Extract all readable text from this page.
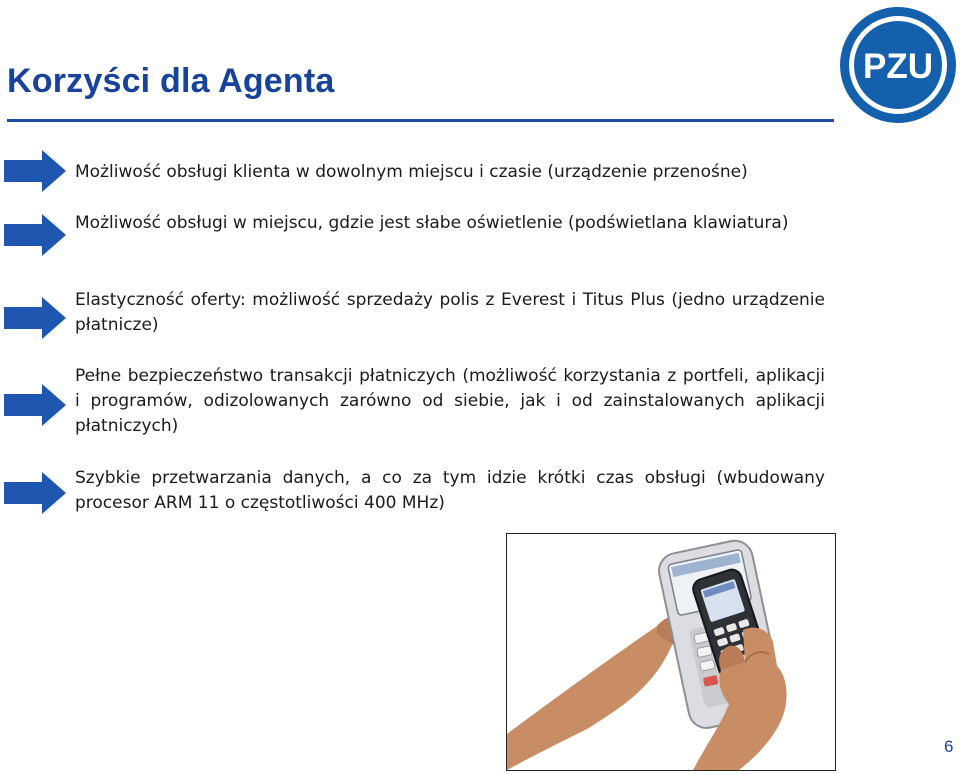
Korzyści dla Agenta	PZU

Możliwość obsługi klienta w dowolnym miejscu i czasie (urządzenie przenośne)

Możliwość obsługi w miejscu, gdzie jest słabe oświetlenie (podświetlana klawiatura)

Elastyczność oferty: możliwość sprzedaży polis z Everest i Titus Plus (jedno urządzenie płatnicze)

Pełne bezpieczeństwo transakcji płatniczych (możliwość korzystania z portfeli, aplikacji i programów, odizolowanych zarówno od siebie, jak i od zainstalowanych aplikacji płatniczych)

Szybkie przetwarzania danych, a co za tym idzie krótki czas obsługi (wbudowany procesor ARM 11 o częstotliwości 400 MHz)

6
